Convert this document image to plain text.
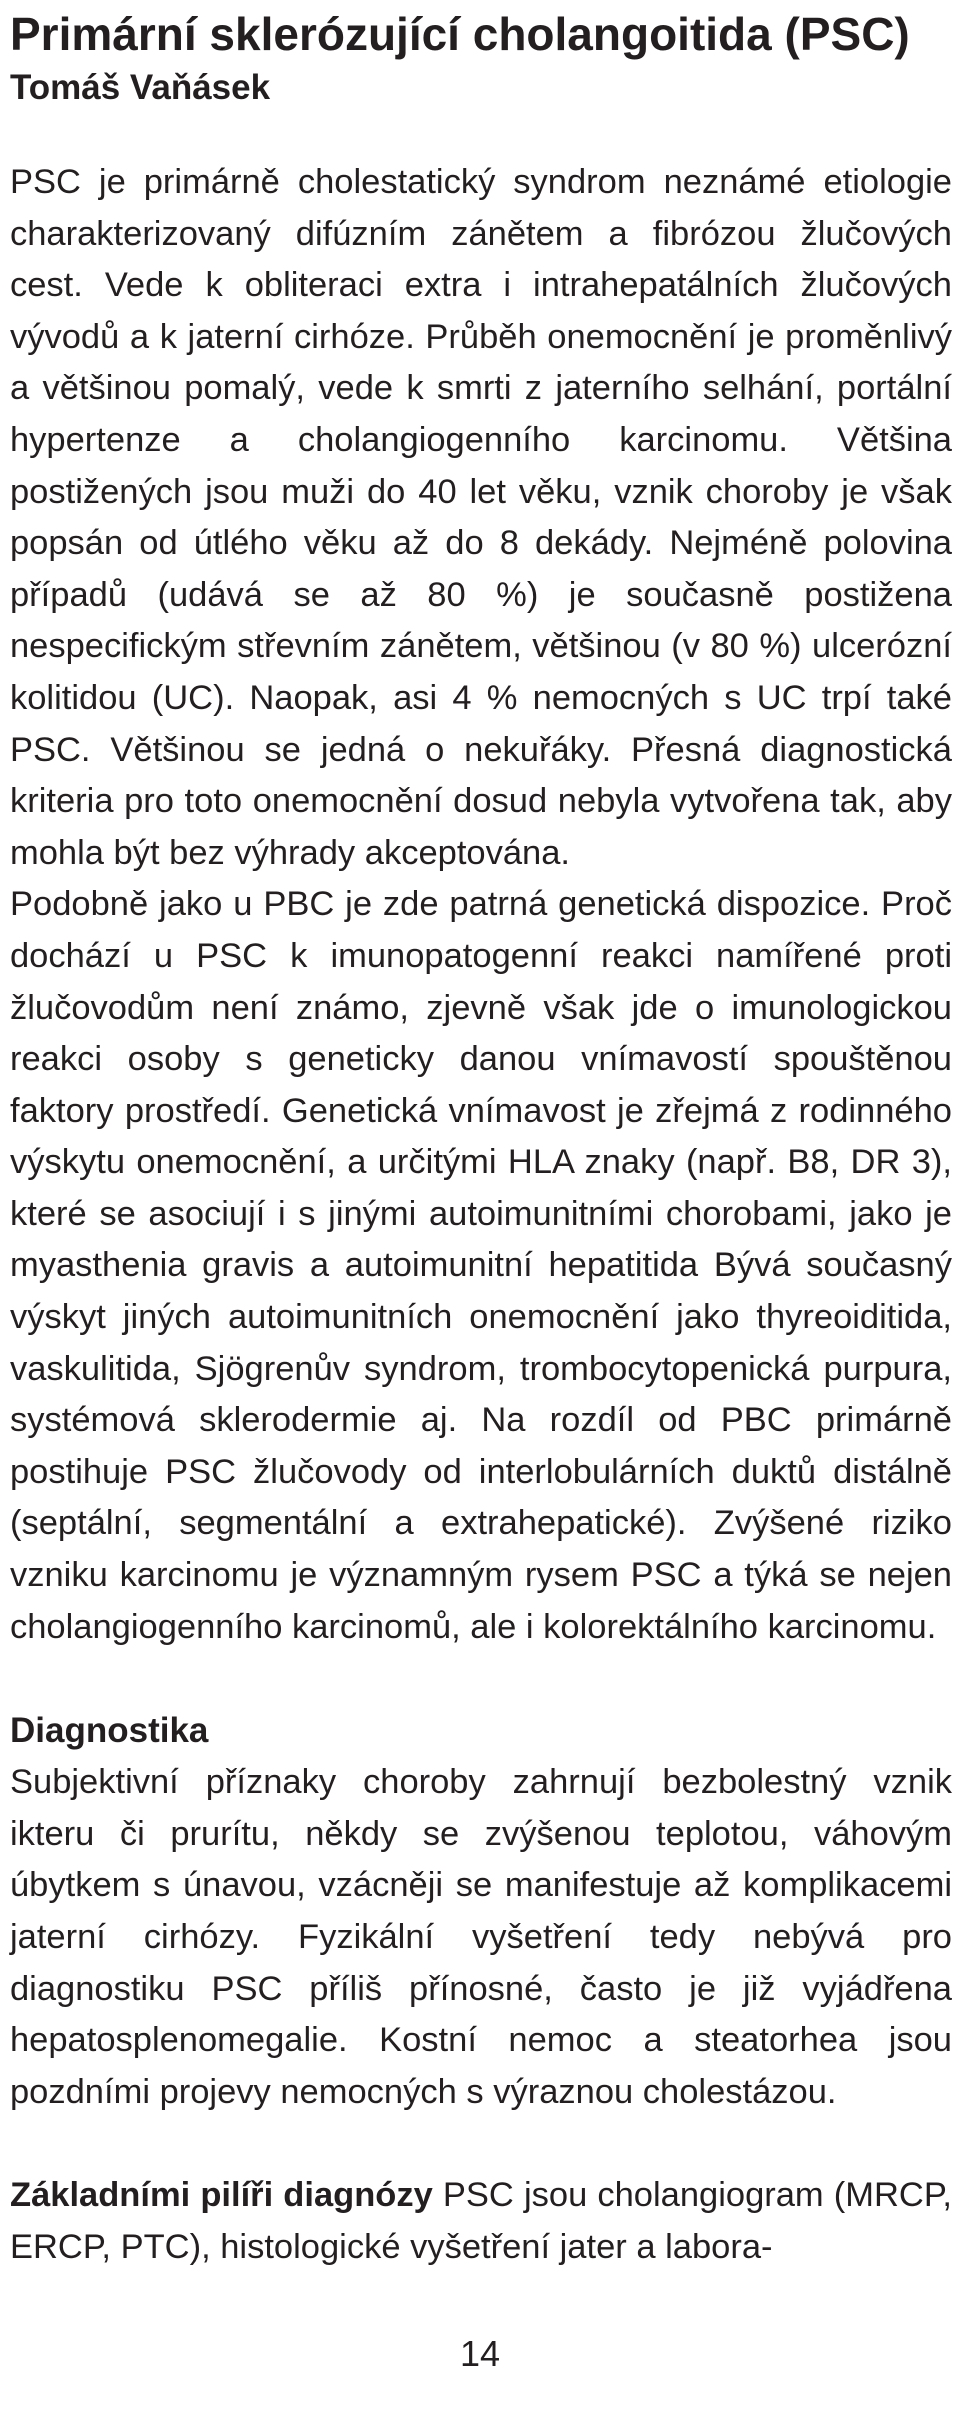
Primární sklerózující cholangoitida (PSC)
Tomáš Vaňásek

PSC je primárně cholestatický syndrom neznámé etiologie charakterizovaný difúzním zánětem a fibrózou žlučových cest. Vede k obliteraci extra i intrahepatálních žlučových vývodů a k jaterní cirhóze. Průběh onemocnění je proměnlivý a většinou pomalý, vede k smrti z jaterního selhání, portální hypertenze a cholangiogenního karcinomu. Většina postižených jsou muži do 40 let věku, vznik choroby je však popsán od útlého věku až do 8 dekády. Nejméně polovina případů (udává se až 80 %) je současně postižena nespecifickým střevním zánětem, většinou (v 80 %) ulcerózní kolitidou (UC). Naopak, asi 4 % nemocných s UC trpí také PSC. Většinou se jedná o nekuřáky. Přesná diagnostická kriteria pro toto onemocnění dosud nebyla vytvořena tak, aby mohla být bez výhrady akceptována.

Podobně jako u PBC je zde patrná genetická dispozice. Proč dochází u PSC k imunopatogenní reakci namířené proti žlučovodům není známo, zjevně však jde o imunologickou reakci osoby s geneticky danou vnímavostí spouštěnou faktory prostředí. Genetická vnímavost je zřejmá z rodinného výskytu onemocnění, a určitými HLA znaky (např. B8, DR 3), které se asociují i s jinými autoimunitními chorobami, jako je myasthenia gravis a autoimunitní hepatitida Bývá současný výskyt jiných autoimunitních onemocnění jako thyreoiditida, vaskulitida, Sjögrenův syndrom, trombocytopenická purpura, systémová sklerodermie aj. Na rozdíl od PBC primárně postihuje PSC žlučovody od interlobulárních duktů distálně (septální, segmentální a extrahepatické). Zvýšené riziko vzniku karcinomu je významným rysem PSC a týká se nejen cholangiogenního karcinomů, ale i kolorektálního karcinomu.

Diagnostika

Subjektivní příznaky choroby zahrnují bezbolestný vznik ikteru či prurítu, někdy se zvýšenou teplotou, váhovým úbytkem s únavou, vzácněji se manifestuje až komplikacemi jaterní cirhózy. Fyzikální vyšetření tedy nebývá pro diagnostiku PSC příliš přínosné, často je již vyjádřena hepatosplenomegalie. Kostní nemoc a steatorhea jsou pozdními projevy nemocných s výraznou cholestázou.

Základními pilíři diagnózy PSC jsou cholangiogram (MRCP, ERCP, PTC), histologické vyšetření jater a labora-

14
